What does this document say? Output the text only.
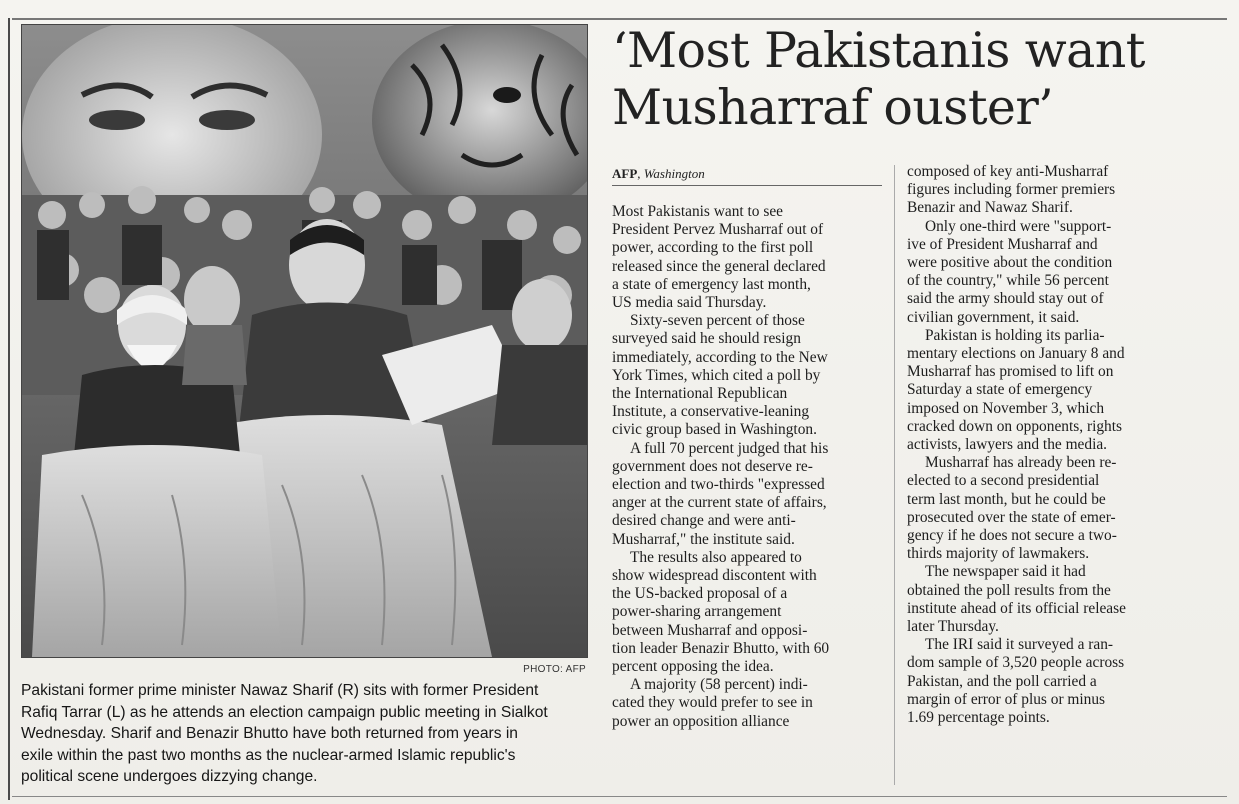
PHOTO: AFP
Pakistani former prime minister Nawaz Sharif (R) sits with former President
Rafiq Tarrar (L) as he attends an election campaign public meeting in Sialkot
Wednesday. Sharif and Benazir Bhutto have both returned from years in
exile within the past two months as the nuclear-armed Islamic republic's
political scene undergoes dizzying change.
‘Most Pakistanis want
Musharraf ouster’
AFP, Washington
Most Pakistanis want to see
President Pervez Musharraf out of
power, according to the first poll
released since the general declared
a state of emergency last month,
US media said Thursday.
Sixty-seven percent of those
surveyed said he should resign
immediately, according to the New
York Times, which cited a poll by
the International Republican
Institute, a conservative-leaning
civic group based in Washington.
A full 70 percent judged that his
government does not deserve re-
election and two-thirds "expressed
anger at the current state of affairs,
desired change and were anti-
Musharraf," the institute said.
The results also appeared to
show widespread discontent with
the US-backed proposal of a
power-sharing arrangement
between Musharraf and opposi-
tion leader Benazir Bhutto, with 60
percent opposing the idea.
A majority (58 percent) indi-
cated they would prefer to see in
power an opposition alliance
composed of key anti-Musharraf
figures including former premiers
Benazir and Nawaz Sharif.
Only one-third were "support-
ive of President Musharraf and
were positive about the condition
of the country," while 56 percent
said the army should stay out of
civilian government, it said.
Pakistan is holding its parlia-
mentary elections on January 8 and
Musharraf has promised to lift on
Saturday a state of emergency
imposed on November 3, which
cracked down on opponents, rights
activists, lawyers and the media.
Musharraf has already been re-
elected to a second presidential
term last month, but he could be
prosecuted over the state of emer-
gency if he does not secure a two-
thirds majority of lawmakers.
The newspaper said it had
obtained the poll results from the
institute ahead of its official release
later Thursday.
The IRI said it surveyed a ran-
dom sample of 3,520 people across
Pakistan, and the poll carried a
margin of error of plus or minus
1.69 percentage points.
